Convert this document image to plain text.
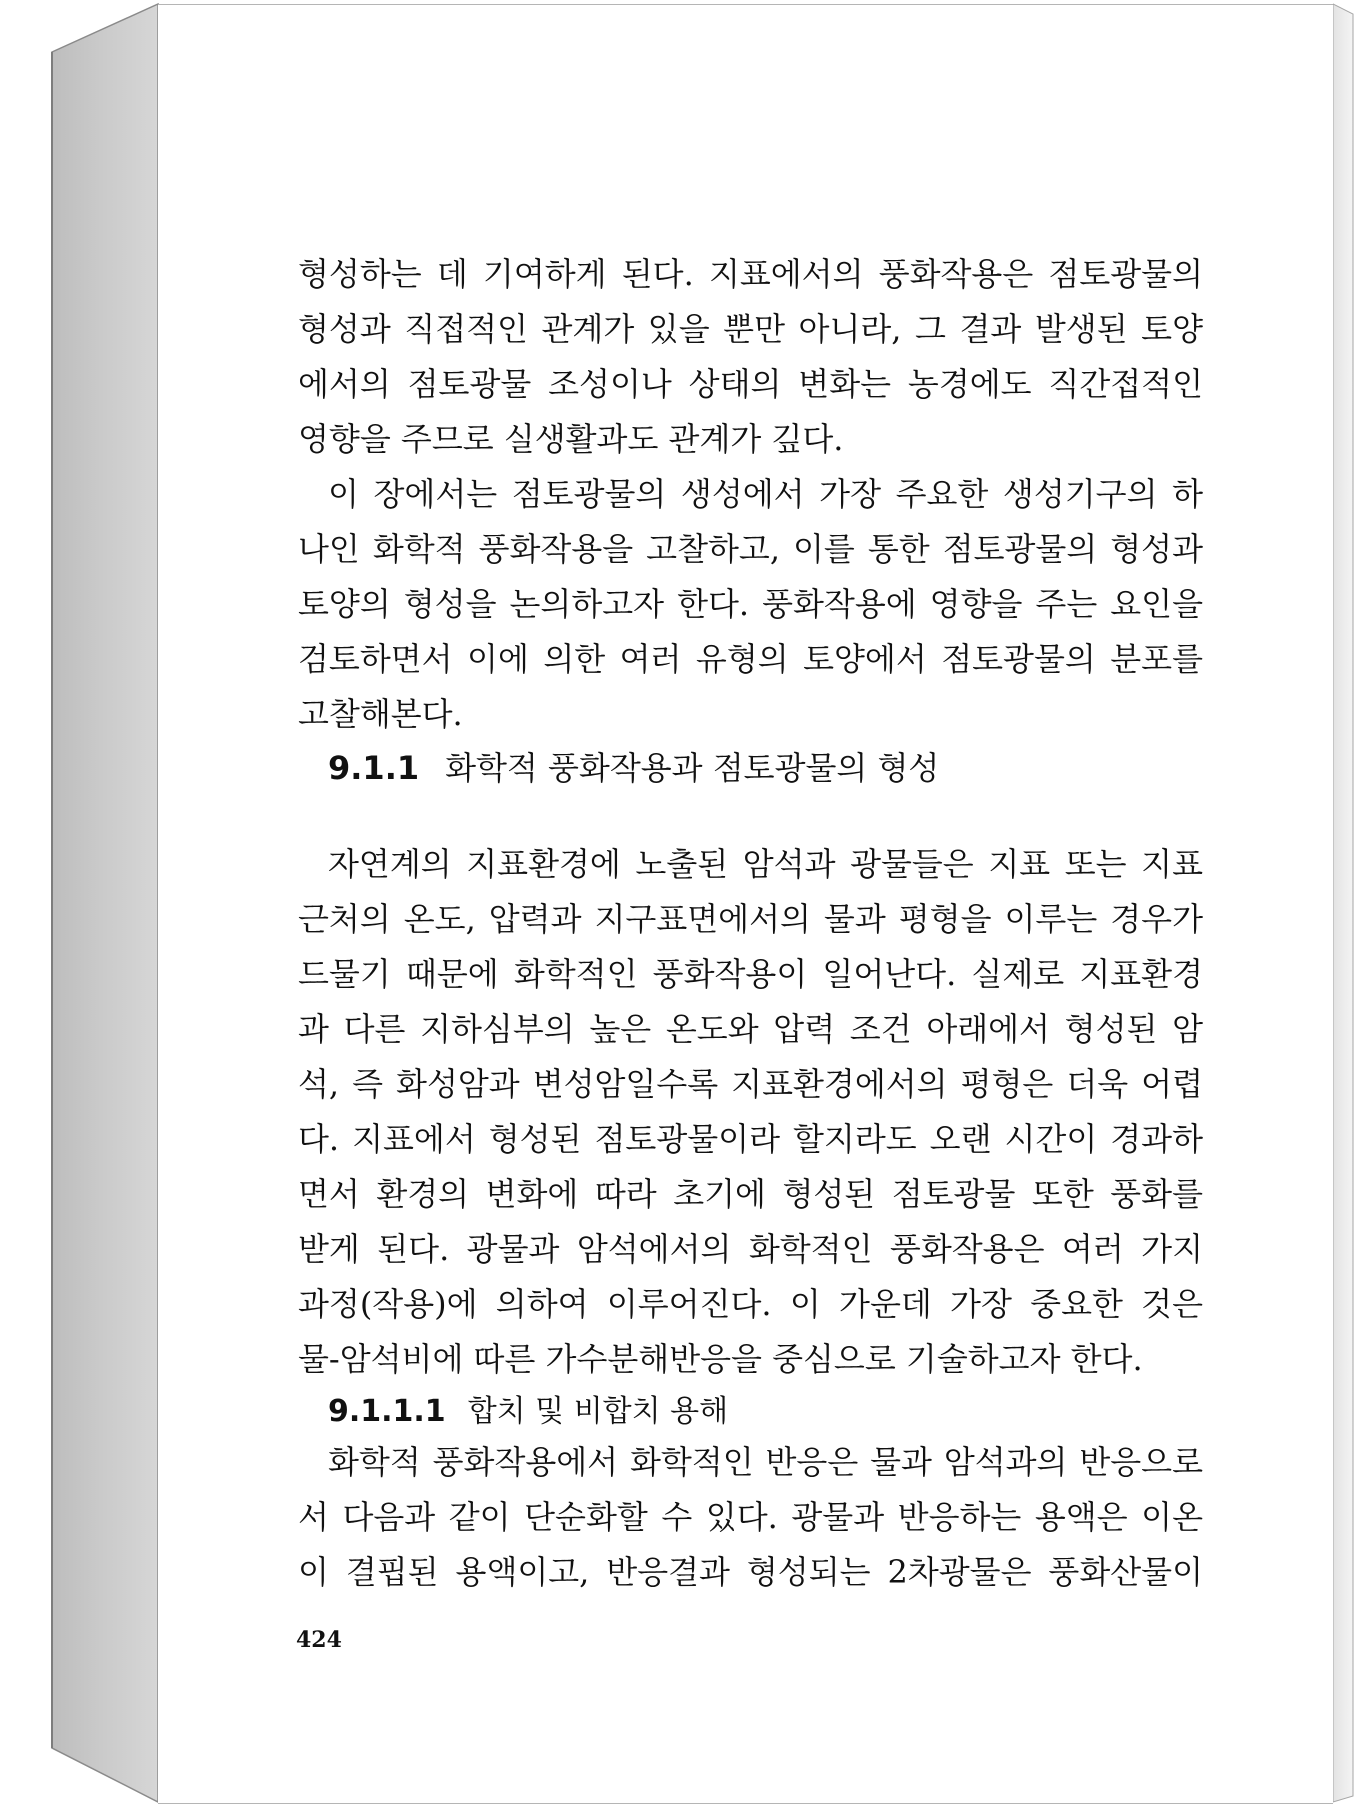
형성하는 데 기여하게 된다. 지표에서의 풍화작용은 점토광물의
형성과 직접적인 관계가 있을 뿐만 아니라, 그 결과 발생된 토양
에서의 점토광물 조성이나 상태의 변화는 농경에도 직간접적인
영향을 주므로 실생활과도 관계가 깊다.

이 장에서는 점토광물의 생성에서 가장 주요한 생성기구의 하
나인 화학적 풍화작용을 고찰하고, 이를 통한 점토광물의 형성과
토양의 형성을 논의하고자 한다. 풍화작용에 영향을 주는 요인을
검토하면서 이에 의한 여러 유형의 토양에서 점토광물의 분포를
고찰해본다.

9.1.1 화학적 풍화작용과 점토광물의 형성

자연계의 지표환경에 노출된 암석과 광물들은 지표 또는 지표
근처의 온도, 압력과 지구표면에서의 물과 평형을 이루는 경우가
드물기 때문에 화학적인 풍화작용이 일어난다. 실제로 지표환경
과 다른 지하심부의 높은 온도와 압력 조건 아래에서 형성된 암
석, 즉 화성암과 변성암일수록 지표환경에서의 평형은 더욱 어렵
다. 지표에서 형성된 점토광물이라 할지라도 오랜 시간이 경과하
면서 환경의 변화에 따라 초기에 형성된 점토광물 또한 풍화를
받게 된다. 광물과 암석에서의 화학적인 풍화작용은 여러 가지
과정(작용)에 의하여 이루어진다. 이 가운데 가장 중요한 것은
물-암석비에 따른 가수분해반응을 중심으로 기술하고자 한다.

9.1.1.1 합치 및 비합치 용해

화학적 풍화작용에서 화학적인 반응은 물과 암석과의 반응으로
서 다음과 같이 단순화할 수 있다. 광물과 반응하는 용액은 이온
이 결핍된 용액이고, 반응결과 형성되는 2차광물은 풍화산물이

424
